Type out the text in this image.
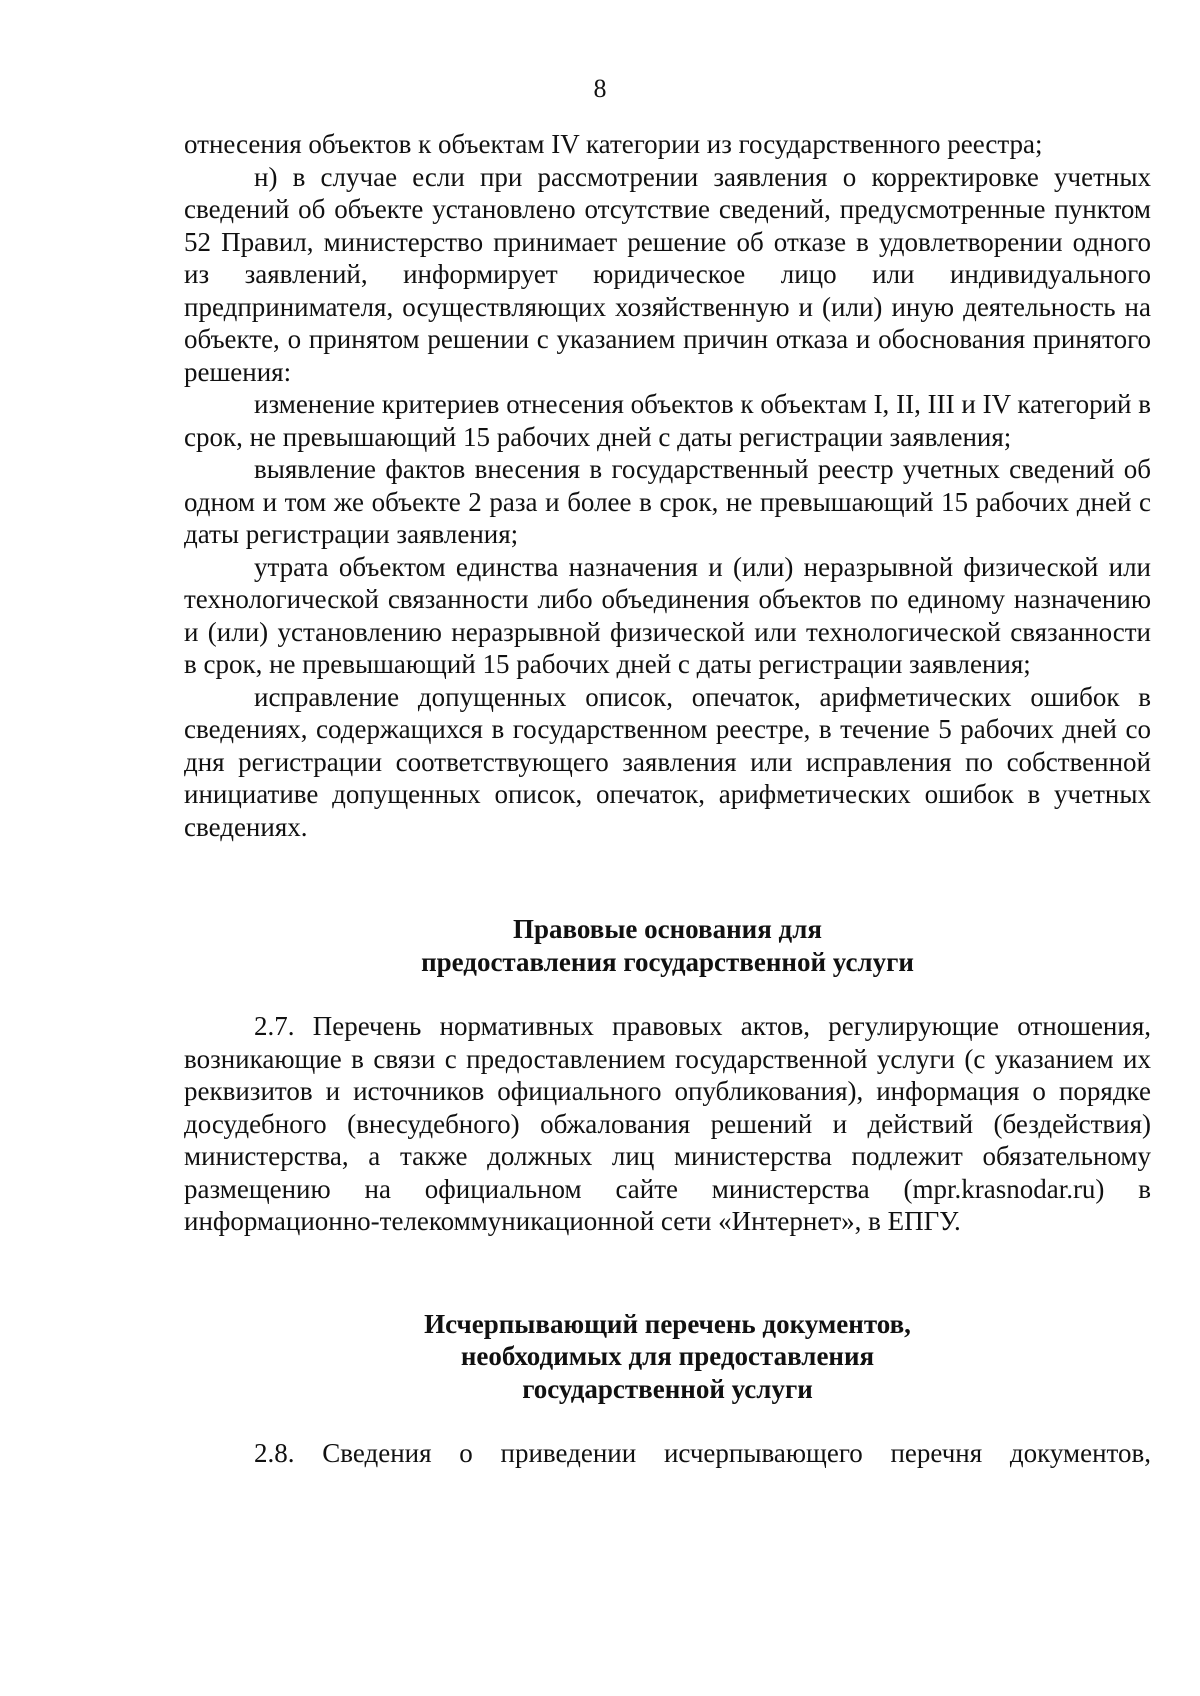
8

отнесения объектов к объектам IV категории из государственного реестра;

н) в случае если при рассмотрении заявления о корректировке учетных сведений об объекте установлено отсутствие сведений, предусмотренные пунктом 52 Правил, министерство принимает решение об отказе в удовлетворении одного из заявлений, информирует юридическое лицо или индивидуального предпринимателя, осуществляющих хозяйственную и (или) иную деятельность на объекте, о принятом решении с указанием причин отказа и обоснования принятого решения:

изменение критериев отнесения объектов к объектам I, II, III и IV категорий в срок, не превышающий 15 рабочих дней с даты регистрации заявления;

выявление фактов внесения в государственный реестр учетных сведений об одном и том же объекте 2 раза и более в срок, не превышающий 15 рабочих дней с даты регистрации заявления;

утрата объектом единства назначения и (или) неразрывной физической или технологической связанности либо объединения объектов по единому назначению и (или) установлению неразрывной физической или технологической связанности в срок, не превышающий 15 рабочих дней с даты регистрации заявления;

исправление допущенных описок, опечаток, арифметических ошибок в сведениях, содержащихся в государственном реестре, в течение 5 рабочих дней со дня регистрации соответствующего заявления или исправления по собственной инициативе допущенных описок, опечаток, арифметических ошибок в учетных сведениях.

Правовые основания для
предоставления государственной услуги

2.7. Перечень нормативных правовых актов, регулирующие отношения, возникающие в связи с предоставлением государственной услуги (с указанием их реквизитов и источников официального опубликования), информация о порядке досудебного (внесудебного) обжалования решений и действий (бездействия) министерства, а также должных лиц министерства подлежит обязательному размещению на официальном сайте министерства (mpr.krasnodar.ru) в информационно-телекоммуникационной сети «Интернет», в ЕПГУ.

Исчерпывающий перечень документов,
необходимых для предоставления
государственной услуги

2.8. Сведения о приведении исчерпывающего перечня документов,
